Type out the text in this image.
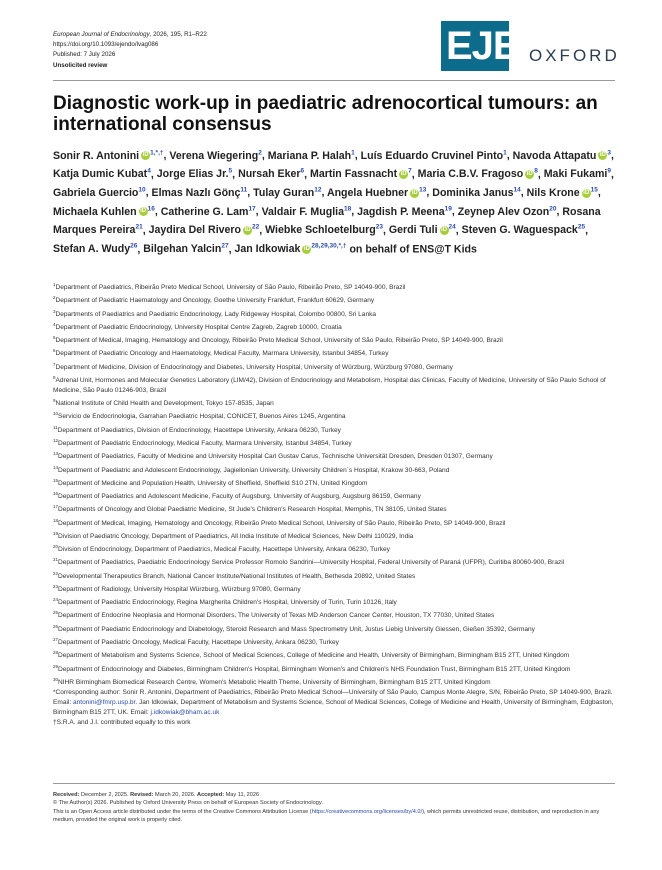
European Journal of Endocrinology, 2026, 195, R1–R22
https://doi.org/10.1093/ejendo/lvag086
Published: 7 July 2026
Unsolicited review	EJE OXFORD
Diagnostic work-up in paediatric adrenocortical tumours: an international consensus
Sonir R. Antonini iD $^{1,*,\dagger}$, Verena Wiegering$^2$, Mariana P. Halah$^1$, Luís Eduardo Cruvinel Pinto$^1$, Navoda Attapatu iD $^3$, Katja Dumic Kubat$^4$, Jorge Elias Jr.$^5$, Nursah Eker$^6$, Martin Fassnacht iD $^7$, Maria C.B.V. Fragoso iD $^8$, Maki Fukami$^9$, Gabriela Guercio$^{10}$, Elmas Nazlı Gönç$^{11}$, Tulay Guran$^{12}$, Angela Huebner iD $^{13}$, Dominika Janus$^{14}$, Nils Krone iD $^{15}$, Michaela Kuhlen iD $^{16}$, Catherine G. Lam$^{17}$, Valdair F. Muglia$^{18}$, Jagdish P. Meena$^{19}$, Zeynep Alev Ozon$^{20}$, Rosana Marques Pereira$^{21}$, Jaydira Del Rivero iD $^{22}$, Wiebke Schloetelburg$^{23}$, Gerdi Tuli iD $^{24}$, Steven G. Waguespack$^{25}$, Stefan A. Wudy$^{26}$, Bilgehan Yalcin$^{27}$, Jan Idkowiak iD $^{28,29,30,*,\dagger}$ on behalf of ENS@T Kids

$^1$Department of Paediatrics, Ribeirão Preto Medical School, University of São Paulo, Ribeirão Preto, SP 14049-900, Brazil

$^2$Department of Paediatric Haematology and Oncology, Goethe University Frankfurt, Frankfurt 60629, Germany

$^3$Departments of Paediatrics and Paediatric Endocrinology, Lady Ridgeway Hospital, Colombo 00800, Sri Lanka

$^4$Department of Paediatric Endocrinology, University Hospital Centre Zagreb, Zagreb 10000, Croatia

$^5$Department of Medical, Imaging, Hematology and Oncology, Ribeirão Preto Medical School, University of São Paulo, Ribeirão Preto, SP 14049-900, Brazil

$^6$Department of Paediatric Oncology and Haematology, Medical Faculty, Marmara University, Istanbul 34854, Turkey

$^7$Department of Medicine, Division of Endocrinology and Diabetes, University Hospital, University of Würzburg, Würzburg 97080, Germany

$^8$Adrenal Unit, Hormones and Molecular Genetics Laboratory (LIM/42), Division of Endocrinology and Metabolism, Hospital das Clinicas, Faculty of Medicine, University of São Paulo School of Medicine, São Paulo 01246-903, Brazil

$^9$National Institute of Child Health and Development, Tokyo 157-8535, Japan

$^{10}$Servicio de Endocrinologia, Garrahan Paediatric Hospital, CONICET, Buenos Aires 1245, Argentina

$^{11}$Department of Paediatrics, Division of Endocrinology, Hacettepe University, Ankara 06230, Turkey

$^{12}$Department of Paediatric Endocrinology, Medical Faculty, Marmara University, Istanbul 34854, Turkey

$^{13}$Department of Paediatrics, Faculty of Medicine and University Hospital Carl Gustav Carus, Technische Universität Dresden, Dresden 01307, Germany

$^{14}$Department of Paediatric and Adolescent Endocrinology, Jagiellonian University, University Children`s Hospital, Krakow 30-663, Poland

$^{15}$Department of Medicine and Population Health, University of Sheffield, Sheffield S10 2TN, United Kingdom

$^{16}$Department of Paediatrics and Adolescent Medicine, Faculty of Augsburg, University of Augsburg, Augsburg 86159, Germany

$^{17}$Departments of Oncology and Global Paediatric Medicine, St Jude's Children's Research Hospital, Memphis, TN 38105, United States

$^{18}$Department of Medical, Imaging, Hematology and Oncology, Ribeirão Preto Medical School, University of São Paulo, Ribeirão Preto, SP 14049-900, Brazil

$^{19}$Division of Paediatric Oncology, Department of Paediatrics, All India Institute of Medical Sciences, New Delhi 110029, India

$^{20}$Division of Endocrinology, Department of Paediatrics, Medical Faculty, Hacettepe University, Ankara 06230, Turkey

$^{21}$Department of Paediatrics, Paediatric Endocrinology Service Professor Romolo Sandrini—University Hospital, Federal University of Paraná (UFPR), Curitiba 80060-900, Brazil

$^{22}$Developmental Therapeutics Branch, National Cancer Institute/National Institutes of Health, Bethesda 20892, United States

$^{23}$Department of Radiology, University Hospital Würzburg, Würzburg 97080, Germany

$^{24}$Department of Paediatric Endocrinology, Regina Margherita Children's Hospital, University of Turin, Turin 10126, Italy

$^{25}$Department of Endocrine Neoplasia and Hormonal Disorders, The University of Texas MD Anderson Cancer Center, Houston, TX 77030, United States

$^{26}$Department of Paediatric Endocrinology and Diabetology, Steroid Research and Mass Spectrometry Unit, Justus Liebig University Giessen, Gießen 35392, Germany

$^{27}$Department of Paediatric Oncology, Medical Faculty, Hacettepe University, Ankara 06230, Turkey

$^{28}$Department of Metabolism and Systems Science, School of Medical Sciences, College of Medicine and Health, University of Birmingham, Birmingham B15 2TT, United Kingdom

$^{29}$Department of Endocrinology and Diabetes, Birmingham Children's Hospital, Birmingham Women's and Children's NHS Foundation Trust, Birmingham B15 2TT, United Kingdom

$^{30}$NIHR Birmingham Biomedical Research Centre, Women's Metabolic Health Theme, University of Birmingham, Birmingham B15 2TT, United Kingdom

*Corresponding author: Sonir R. Antonini, Department of Paediatrics, Ribeirão Preto Medical School—University of São Paulo, Campus Monte Alegre, S/N, Ribeirão Preto, SP 14049-900, Brazil. Email: antonini@fmrp.usp.br. Jan Idkowiak, Department of Metabolism and Systems Science, School of Medical Sciences, College of Medicine and Health, University of Birmingham, Edgbaston, Birmingham B15 2TT, UK. Email: j.idkowiak@bham.ac.uk

†S.R.A. and J.I. contributed equally to this work

Received: December 2, 2025. Revised: March 20, 2026. Accepted: May 11, 2026

© The Author(s) 2026. Published by Oxford University Press on behalf of European Society of Endocrinology.

This is an Open Access article distributed under the terms of the Creative Commons Attribution License (https://creativecommons.org/licenses/by/4.0/), which permits unrestricted reuse, distribution, and reproduction in any medium, provided the original work is properly cited.
